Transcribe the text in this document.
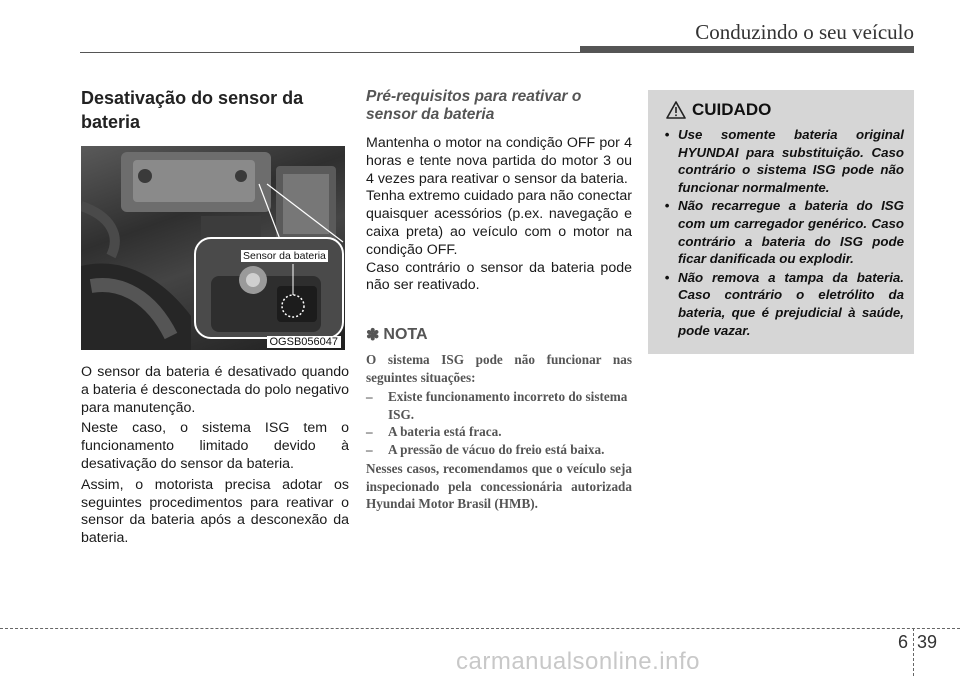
Conduzindo o seu veículo
Desativação do sensor da bateria
Sensor da bateria
OGSB056047

O sensor da bateria é desativado quando a bateria é desconectada do polo negativo para manutenção.

Neste caso, o sistema ISG tem o funcionamento limitado devido à desativação do sensor da bateria.

Assim, o motorista precisa adotar os seguintes procedimentos para reativar o sensor da bateria após a desconexão da bateria.

Pré-requisitos para reativar o sensor da bateria

Mantenha o motor na condição OFF por 4 horas e tente nova partida do motor 3 ou 4 vezes para reativar o sensor da bateria.

Tenha extremo cuidado para não conectar quaisquer acessórios (p.ex. navegação e caixa preta) ao veículo com o motor na condição OFF.

Caso contrário o sensor da bateria pode não ser reativado.

✽ NOTA
O sistema ISG pode não funcionar nas seguintes situações:
–	Existe funcionamento incorreto do sistema ISG.
–	A bateria está fraca.
–	A pressão de vácuo do freio está baixa.
Nesses casos, recomendamos que o veículo seja inspecionado pela concessionária autorizada Hyundai Motor Brasil (HMB).
CUIDADO
• Use somente bateria original HYUNDAI para substituição. Caso contrário o sistema ISG pode não funcionar normalmente.
• Não recarregue a bateria do ISG com um carregador genérico. Caso contrário a bateria do ISG pode ficar danificada ou explodir.
• Não remova a tampa da bateria. Caso contrário o eletrólito da bateria, que é prejudicial à saúde, pode vazar.
6 39
carmanualsonline.info
